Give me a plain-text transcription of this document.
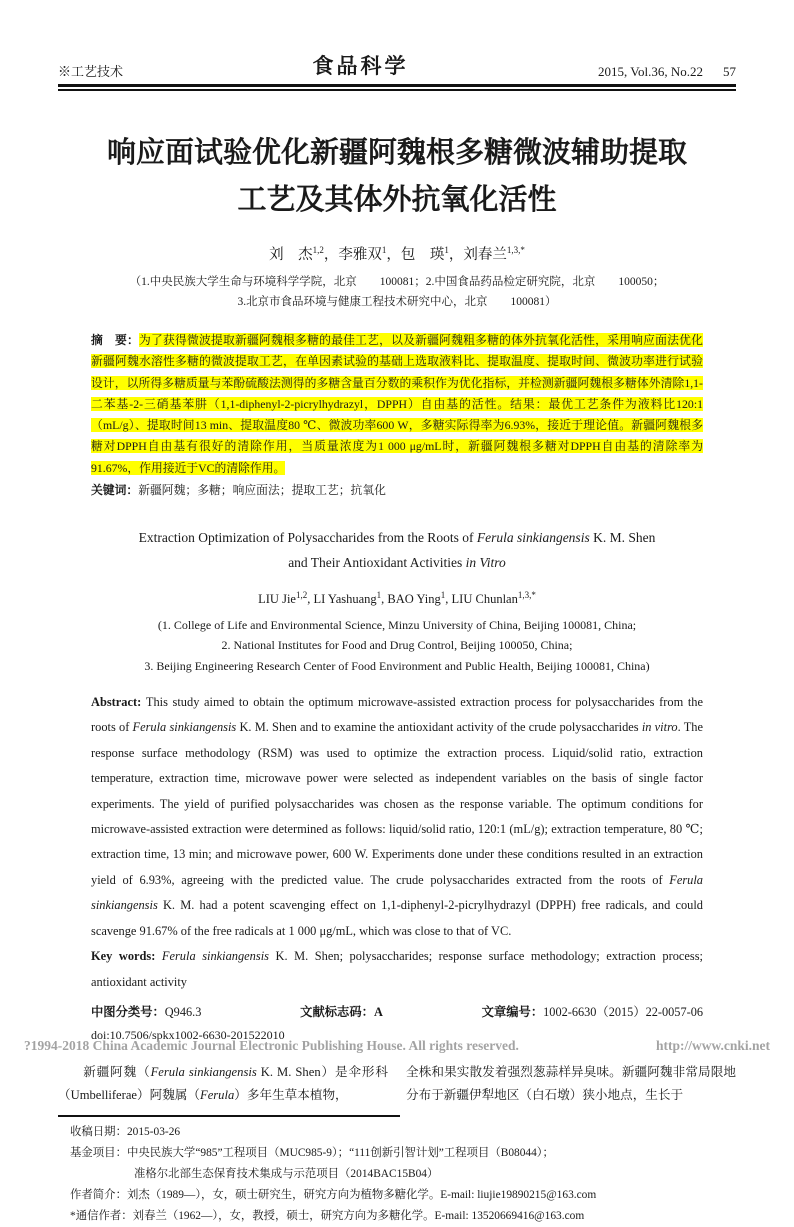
※工艺技术	食品科学	2015, Vol.36, No.22 57
响应面试验优化新疆阿魏根多糖微波辅助提取
工艺及其体外抗氧化活性
刘　杰$^{1,2}$，李雅双$^1$，包　瑛$^1$，刘春兰$^{1,3,*}$
（1.中央民族大学生命与环境科学学院，北京　　100081；2.中国食品药品检定研究院，北京　　100050；
3.北京市食品环境与健康工程技术研究中心，北京　　100081）
摘　要：为了获得微波提取新疆阿魏根多糖的最佳工艺，以及新疆阿魏粗多糖的体外抗氧化活性，采用响应面法优化新疆阿魏水溶性多糖的微波提取工艺，在单因素试验的基础上选取液料比、提取温度、提取时间、微波功率进行试验设计，以所得多糖质量与苯酚硫酸法测得的多糖含量百分数的乘积作为优化指标，并检测新疆阿魏根多糖体外清除1,1-二苯基-2-三硝基苯肼（1,1-diphenyl-2-picrylhydrazyl，DPPH）自由基的活性。结果：最优工艺条件为液料比120:1（mL/g）、提取时间13 min、提取温度80 ℃、微波功率600 W，多糖实际得率为6.93%，接近于理论值。新疆阿魏根多糖对DPPH自由基有很好的清除作用，当质量浓度为1 000 μg/mL时，新疆阿魏根多糖对DPPH自由基的清除率为91.67%，作用接近于VC的清除作用。
关键词：新疆阿魏；多糖；响应面法；提取工艺；抗氧化
Extraction Optimization of Polysaccharides from the Roots of Ferula sinkiangensis K. M. Shen and Their Antioxidant Activities in Vitro
LIU Jie$^{1,2}$, LI Yashuang$^1$, BAO Ying$^1$, LIU Chunlan$^{1,3,*}$
(1. College of Life and Environmental Science, Minzu University of China, Beijing 100081, China;
2. National Institutes for Food and Drug Control, Beijing 100050, China;
3. Beijing Engineering Research Center of Food Environment and Public Health, Beijing 100081, China)
Abstract: This study aimed to obtain the optimum microwave-assisted extraction process for polysaccharides from the roots of Ferula sinkiangensis K. M. Shen and to examine the antioxidant activity of the crude polysaccharides in vitro. The response surface methodology (RSM) was used to optimize the extraction process. Liquid/solid ratio, extraction temperature, extraction time, microwave power were selected as independent variables on the basis of single factor experiments. The yield of purified polysaccharides was chosen as the response variable. The optimum conditions for microwave-assisted extraction were determined as follows: liquid/solid ratio, 120:1 (mL/g); extraction temperature, 80 ℃; extraction time, 13 min; and microwave power, 600 W. Experiments done under these conditions resulted in an extraction yield of 6.93%, agreeing with the predicted value. The crude polysaccharides extracted from the roots of Ferula sinkiangensis K. M. had a potent scavenging effect on 1,1-diphenyl-2-picrylhydrazyl (DPPH) free radicals, and could scavenge 91.67% of the free radicals at 1 000 μg/mL, which was close to that of VC.
Key words: Ferula sinkiangensis K. M. Shen; polysaccharides; response surface methodology; extraction process; antioxidant activity
中图分类号：Q946.3	文献标志码：A	文章编号：1002-6630（2015）22-0057-06
doi:10.7506/spkx1002-6630-201522010
新疆阿魏（Ferula sinkiangensis K. M. Shen）是伞形科（Umbelliferae）阿魏属（Ferula）多年生草本植物，
全株和果实散发着强烈葱蒜样异臭味。新疆阿魏非常局限地分布于新疆伊犁地区（白石墩）狭小地点，生长于
收稿日期：2015-03-26
基金项目：中央民族大学“985”工程项目（MUC985-9）；“111创新引智计划”工程项目（B08044）；
准格尔北部生态保育技术集成与示范项目（2014BAC15B04）
作者简介：刘杰（1989—），女，硕士研究生，研究方向为植物多糖化学。E-mail: liujie19890215@163.com
*通信作者：刘春兰（1962—），女，教授，硕士，研究方向为多糖化学。E-mail: 13520669416@163.com
?1994-2018 China Academic Journal Electronic Publishing House. All rights reserved.	http://www.cnki.net
